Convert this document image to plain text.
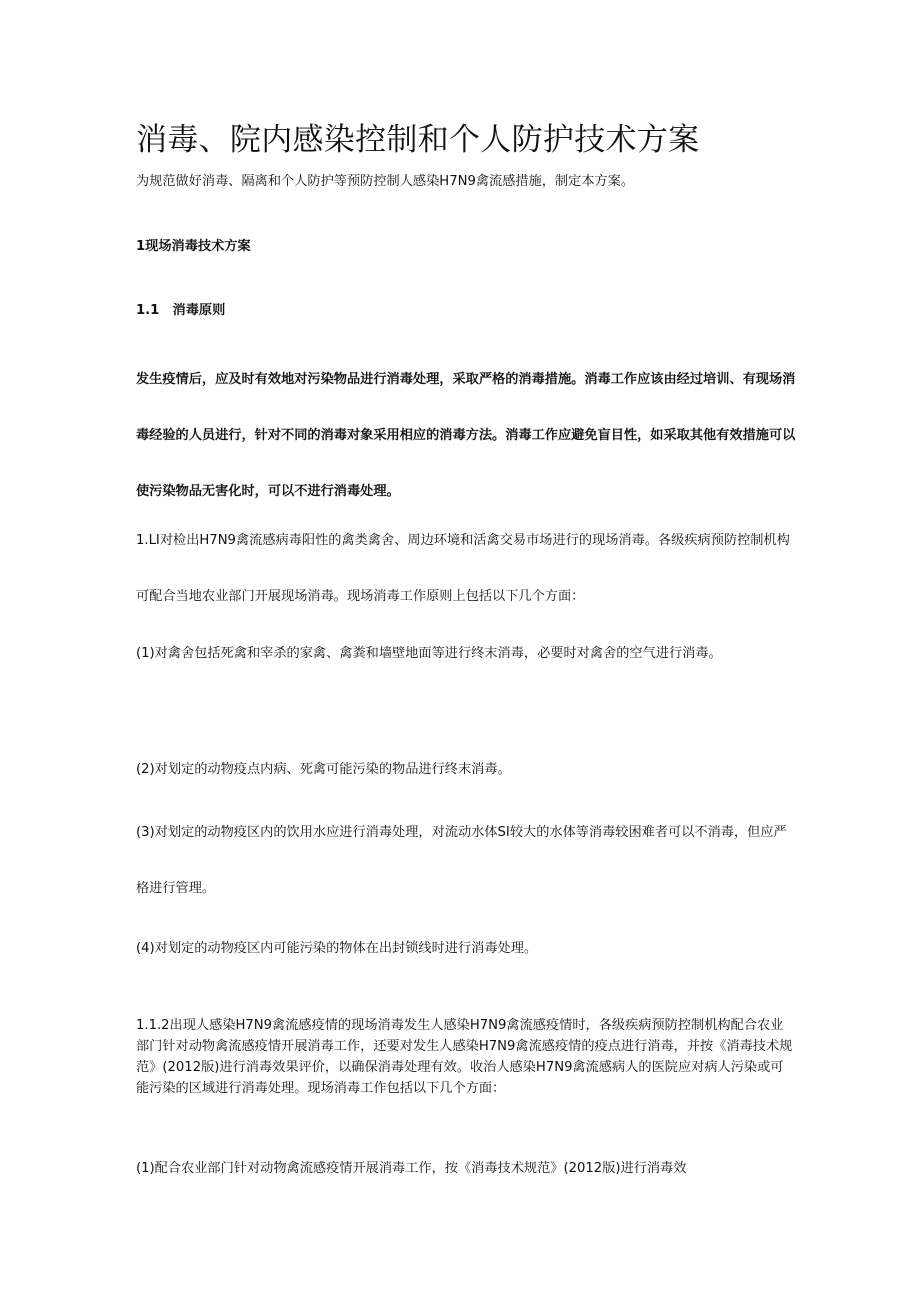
消毒、院内感染控制和个人防护技术方案

为规范做好消毒、隔离和个人防护等预防控制人感染H7N9禽流感措施，制定本方案。

1现场消毒技术方案

1.1　消毒原则

发生疫情后，应及时有效地对污染物品进行消毒处理，采取严格的消毒措施。消毒工作应该由经过培训、有现场消毒经验的人员进行，针对不同的消毒对象采用相应的消毒方法。消毒工作应避免盲目性，如采取其他有效措施可以使污染物品无害化时，可以不进行消毒处理。

1.LI对检出H7N9禽流感病毒阳性的禽类禽舍、周边环境和活禽交易市场进行的现场消毒。各级疾病预防控制机构可配合当地农业部门开展现场消毒。现场消毒工作原则上包括以下几个方面：

(1)对禽舍包括死禽和宰杀的家禽、禽粪和墙壁地面等进行终末消毒，必要时对禽舍的空气进行消毒。

(2)对划定的动物疫点内病、死禽可能污染的物品进行终末消毒。

(3)对划定的动物疫区内的饮用水应进行消毒处理，对流动水体SI较大的水体等消毒较困难者可以不消毒，但应严格进行管理。

(4)对划定的动物疫区内可能污染的物体在出封锁线时进行消毒处理。

1.1.2出现人感染H7N9禽流感疫情的现场消毒发生人感染H7N9禽流感疫情时，各级疾病预防控制机构配合农业部门针对动物禽流感疫情开展消毒工作，还要对发生人感染H7N9禽流感疫情的疫点进行消毒，并按《消毒技术规范》(2012版)进行消毒效果评价，以确保消毒处理有效。收治人感染H7N9禽流感病人的医院应对病人污染或可能污染的区域进行消毒处理。现场消毒工作包括以下几个方面：

(1)配合农业部门针对动物禽流感疫情开展消毒工作，按《消毒技术规范》(2012版)进行消毒效
